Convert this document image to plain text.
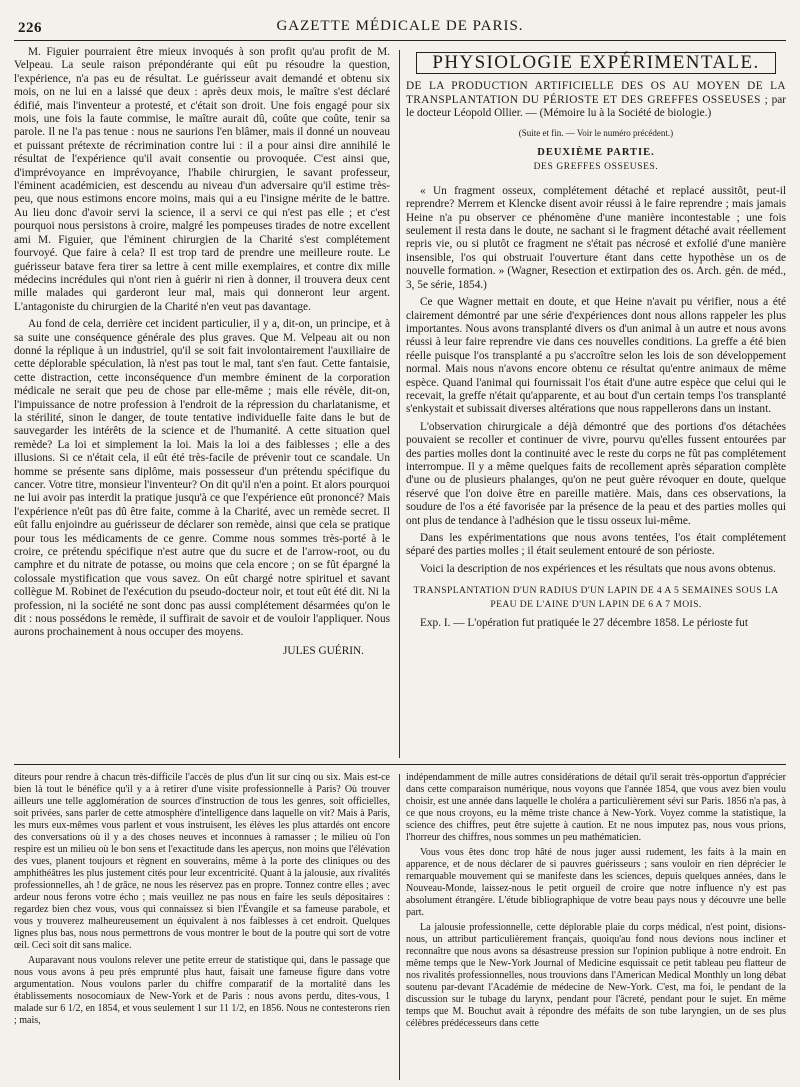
226	GAZETTE MÉDICALE DE PARIS.

M. Figuier pourraient être mieux invoqués à son profit qu'au profit de M. Velpeau. La seule raison prépondérante qui eût pu résoudre la question, l'expérience, n'a pas eu de résultat. Le guérisseur avait demandé et obtenu six mois, on ne lui en a laissé que deux : après deux mois, le maître s'est déclaré édifié, mais l'inventeur a protesté, et c'était son droit. Une fois engagé pour six mois, une fois la faute commise, le maître aurait dû, coûte que coûte, tenir sa parole. Il ne l'a pas tenue : nous ne saurions l'en blâmer, mais il donné un nouveau et puissant prétexte de récrimination contre lui : il a pour ainsi dire annihilé le résultat de l'expérience qu'il avait consentie ou provoquée. C'est ainsi que, d'imprévoyance en imprévoyance, l'habile chirurgien, le savant professeur, l'éminent académicien, est descendu au niveau d'un adversaire qu'il estime très-peu, que nous estimons encore moins, mais qui a eu l'insigne mérite de le battre. Au lieu donc d'avoir servi la science, il a servi ce qui n'est pas elle ; et c'est pourquoi nous persistons à croire, malgré les pompeuses tirades de notre excellent ami M. Figuier, que l'éminent chirurgien de la Charité s'est complétement fourvoyé. Que faire à cela? Il est trop tard de prendre une meilleure route. Le guérisseur batave fera tirer sa lettre à cent mille exemplaires, et contre dix mille médecins incrédules qui n'ont rien à guérir ni rien à donner, il trouvera deux cent mille malades qui garderont leur mal, mais qui donneront leur argent. L'antagoniste du chirurgien de la Charité n'en veut pas davantage.

Au fond de cela, derrière cet incident particulier, il y a, dit-on, un principe, et à sa suite une conséquence générale des plus graves. Que M. Velpeau ait ou non donné la réplique à un industriel, qu'il se soit fait involontairement l'auxiliaire de cette déplorable spéculation, là n'est pas tout le mal, tant s'en faut. Cette fantaisie, cette distraction, cette inconséquence d'un membre éminent de la corporation médicale ne serait que peu de chose par elle-même ; mais elle révèle, dit-on, l'impuissance de notre profession à l'endroit de la répression du charlatanisme, et la stérilité, sinon le danger, de toute tentative individuelle faite dans le but de sauvegarder les intérêts de la science et de l'humanité. A cette situation quel remède? La loi et simplement la loi. Mais la loi a des faiblesses ; elle a des illusions. Si ce n'était cela, il eût été très-facile de prévenir tout ce scandale. Un homme se présente sans diplôme, mais possesseur d'un prétendu spécifique du cancer. Votre titre, monsieur l'inventeur? On dit qu'il n'en a point. Et alors pourquoi ne lui avoir pas interdit la pratique jusqu'à ce que l'expérience eût prononcé? Mais l'expérience n'eût pas dû être faite, comme à la Charité, avec un remède secret. Il eût fallu enjoindre au guérisseur de déclarer son remède, ainsi que cela se pratique pour tous les médicaments de ce genre. Comme nous sommes très-porté à le croire, ce prétendu spécifique n'est autre que du sucre et de l'arrow-root, ou du camphre et du nitrate de potasse, ou moins que cela encore ; on se fût épargné la colossale mystification que vous savez. On eût chargé notre spirituel et savant collègue M. Robinet de l'exécution du pseudo-docteur noir, et tout eût été dit. Ni la profession, ni la société ne sont donc pas aussi complétement désarmées qu'on le dit : nous possédons le remède, il suffirait de savoir et de vouloir l'appliquer. Nous aurons prochainement à nous occuper des moyens.

JULES GUÉRIN.
PHYSIOLOGIE EXPÉRIMENTALE.
DE LA PRODUCTION ARTIFICIELLE DES OS AU MOYEN DE LA TRANSPLANTATION DU PÉRIOSTE ET DES GREFFES OSSEUSES ; par le docteur Léopold Ollier. — (Mémoire lu à la Société de biologie.)
(Suite et fin. — Voir le numéro précédent.)
DEUXIÈME PARTIE.
DES GREFFES OSSEUSES.

« Un fragment osseux, complétement détaché et replacé aussitôt, peut-il reprendre? Merrem et Klencke disent avoir réussi à le faire reprendre ; mais jamais Heine n'a pu observer ce phénomène d'une manière incontestable ; une fois seulement il resta dans le doute, ne sachant si le fragment détaché avait réellement repris vie, ou si plutôt ce fragment ne s'était pas nécrosé et exfolié d'une manière insensible, l'os qui obstruait l'ouverture étant dans cette hypothèse un os de nouvelle formation. » (Wagner, Resection et extirpation des os. Arch. gén. de méd., 3, 5e série, 1854.)

Ce que Wagner mettait en doute, et que Heine n'avait pu vérifier, nous a été clairement démontré par une série d'expériences dont nous allons rappeler les plus importantes. Nous avons transplanté divers os d'un animal à un autre et nous avons réussi à leur faire reprendre vie dans ces nouvelles conditions. La greffe a été bien réelle puisque l'os transplanté a pu s'accroître selon les lois de son développement normal. Mais nous n'avons encore obtenu ce résultat qu'entre animaux de même espèce. Quand l'animal qui fournissait l'os était d'une autre espèce que celui qui le recevait, la greffe n'était qu'apparente, et au bout d'un certain temps l'os transplanté s'enkystait et subissait diverses altérations que nous rappellerons dans un instant.

L'observation chirurgicale a déjà démontré que des portions d'os détachées pouvaient se recoller et continuer de vivre, pourvu qu'elles fussent entourées par des parties molles dont la continuité avec le reste du corps ne fût pas complétement interrompue. Il y a même quelques faits de recollement après séparation complète d'une ou de plusieurs phalanges, qu'on ne peut guère révoquer en doute, quelque réservé que l'on doive être en pareille matière. Mais, dans ces observations, la soudure de l'os a été favorisée par la présence de la peau et des parties molles qui ont plus de tendance à l'adhésion que le tissu osseux lui-même.

Dans les expérimentations que nous avons tentées, l'os était complétement séparé des parties molles ; il était seulement entouré de son périoste.

Voici la description de nos expériences et les résultats que nous avons obtenus.

TRANSPLANTATION D'UN RADIUS D'UN LAPIN DE 4 A 5 SEMAINES SOUS LA PEAU DE L'AINE D'UN LAPIN DE 6 A 7 MOIS.

Exp. I. — L'opération fut pratiquée le 27 décembre 1858. Le périoste fut

diteurs pour rendre à chacun très-difficile l'accès de plus d'un lit sur cinq ou six. Mais est-ce bien là tout le bénéfice qu'il y a à retirer d'une visite professionnelle à Paris? Où trouver ailleurs une telle agglomération de sources d'instruction de tous les genres, soit officielles, soit privées, sans parler de cette atmosphère d'intelligence dans laquelle on vit? Mais à Paris, les murs eux-mêmes vous parlent et vous instruisent, les élèves les plus attardés ont encore des conversations où il y a des choses neuves et inconnues à ramasser ; le milieu où l'on respire est un milieu où le bon sens et l'exactitude dans les aperçus, non moins que l'élévation des vues, planent toujours et règnent en souverains, même à la porte des cliniques ou des amphithéâtres les plus justement cités pour leur excentricité. Quant à la jalousie, aux rivalités professionnelles, ah ! de grâce, ne nous les réservez pas en propre. Tonnez contre elles ; avec ardeur nous ferons votre écho ; mais veuillez ne pas nous en faire les seuls dépositaires : regardez bien chez vous, vous qui connaissez si bien l'Évangile et sa fameuse parabole, et vous y trouverez malheureusement un équivalent à nos faiblesses à cet endroit. Quelques lignes plus bas, nous nous permettrons de vous montrer le bout de la poutre qui sort de votre œil. Ceci soit dit sans malice.

Auparavant nous voulons relever une petite erreur de statistique qui, dans le passage que nous vous avons à peu près emprunté plus haut, faisait une fameuse figure dans votre argumentation. Nous voulons parler du chiffre comparatif de la mortalité dans les établissements nosocomiaux de New-York et de Paris : nous avons perdu, dites-vous, 1 malade sur 6 1/2, en 1854, et vous seulement 1 sur 11 1/2, en 1856. Nous ne contesterons rien ; mais,

indépendamment de mille autres considérations de détail qu'il serait très-opportun d'apprécier dans cette comparaison numérique, nous voyons que l'année 1854, que vous avez bien voulu choisir, est une année dans laquelle le choléra a particulièrement sévi sur Paris. 1856 n'a pas, à ce que nous croyons, eu la même triste chance à New-York. Voyez comme la statistique, la science des chiffres, peut être sujette à caution. Et ne nous imputez pas, nous vous prions, l'horreur des chiffres, nous sommes un peu mathématicien.

Vous vous êtes donc trop hâté de nous juger aussi rudement, les faits à la main en apparence, et de nous déclarer de si pauvres guérisseurs ; sans vouloir en rien déprécier le remarquable mouvement qui se manifeste dans les sciences, depuis quelques années, dans le Nouveau-Monde, laissez-nous le petit orgueil de croire que notre influence n'y est pas absolument étrangère. L'étude bibliographique de votre beau pays nous y découvre une belle part.

La jalousie professionnelle, cette déplorable plaie du corps médical, n'est point, disions-nous, un attribut particulièrement français, quoiqu'au fond nous devions nous incliner et reconnaître que nous avons sa désastreuse pression sur l'opinion publique à notre endroit. En même temps que le New-York Journal of Medicine esquissait ce petit tableau peu flatteur de nos rivalités professionnelles, nous trouvions dans l'American Medical Monthly un long débat soutenu par-devant l'Académie de médecine de New-York. C'est, ma foi, le pendant de la discussion sur le tubage du larynx, pendant pour l'âcreté, pendant pour le sujet. En même temps que M. Bouchut avait à répondre des méfaits de son tube laryngien, un de ses plus célèbres prédécesseurs dans cette
